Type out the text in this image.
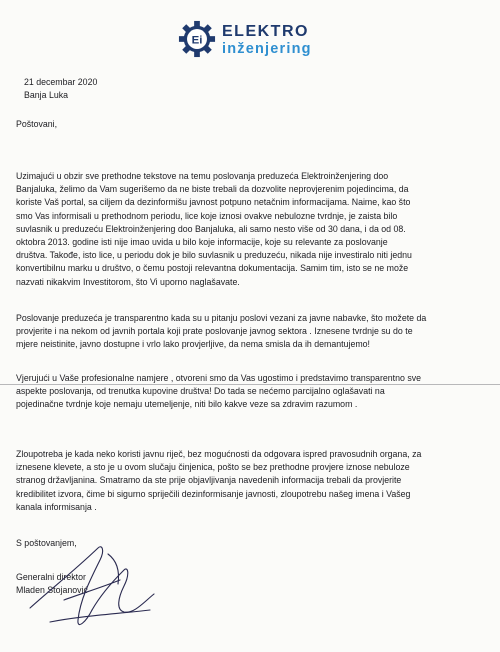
Ei
ELEKTRO
inženjering
21 decembar 2020
Banja Luka
Poštovani,
Uzimajući u obzir sve prethodne tekstove na temu poslovanja preduzeća Elektroinženjering doo
Banjaluka, želimo da Vam sugerišemo da ne biste trebali da dozvolite neprovjerenim pojedincima, da
koriste Vaš portal, sa ciljem da dezinformišu javnost potpuno netačnim informacijama. Naime, kao što
smo Vas informisali u prethodnom periodu, lice koje iznosi ovakve nebulozne tvrdnje, je zaista bilo
suvlasnik u preduzeću Elektroinženjering doo Banjaluka, ali samo nesto više od 30 dana, i da od 08.
oktobra 2013. godine isti nije imao uvida u bilo koje informacije, koje su relevante za poslovanje
društva. Takođe, isto lice, u periodu dok je bilo suvlasnik u preduzeću, nikada nije investiralo niti jednu
konvertibilnu marku u društvo, o čemu postoji relevantna dokumentacija. Samim tim, isto se ne može
nazvati nikakvim Investitorom, što Vi uporno naglašavate.
Poslovanje preduzeća je transparentno kada su u pitanju poslovi vezani za javne nabavke, što možete da
provjerite i na nekom od javnih portala koji prate poslovanje javnog sektora . Iznesene tvrdnje su do te
mjere neistinite, javno dostupne i vrlo lako provjerljive, da nema smisla da ih demantujemo!
Vjerujući u Vaše profesionalne namjere , otvoreni smo da Vas ugostimo i predstavimo transparentno sve
aspekte poslovanja, od trenutka kupovine društva! Do tada se nećemo parcijalno oglašavati na
pojedinačne tvrdnje koje nemaju utemeljenje, niti bilo kakve veze sa zdravim razumom .
Zloupotreba je kada neko koristi javnu riječ, bez mogućnosti da odgovara ispred pravosudnih organa, za
iznesene klevete, a sto je u ovom slučaju činjenica, pošto se bez prethodne provjere iznose nebuloze
stranog državljanina. Smatramo da ste prije objavljivanja navedenih informacija trebali da provjerite
kredibilitet izvora, čime bi sigurno spriječili dezinformisanje javnosti, zloupotrebu našeg imena i Vašeg
kanala informisanja .
S poštovanjem,
Generalni direktor
Mladen Stojanović
